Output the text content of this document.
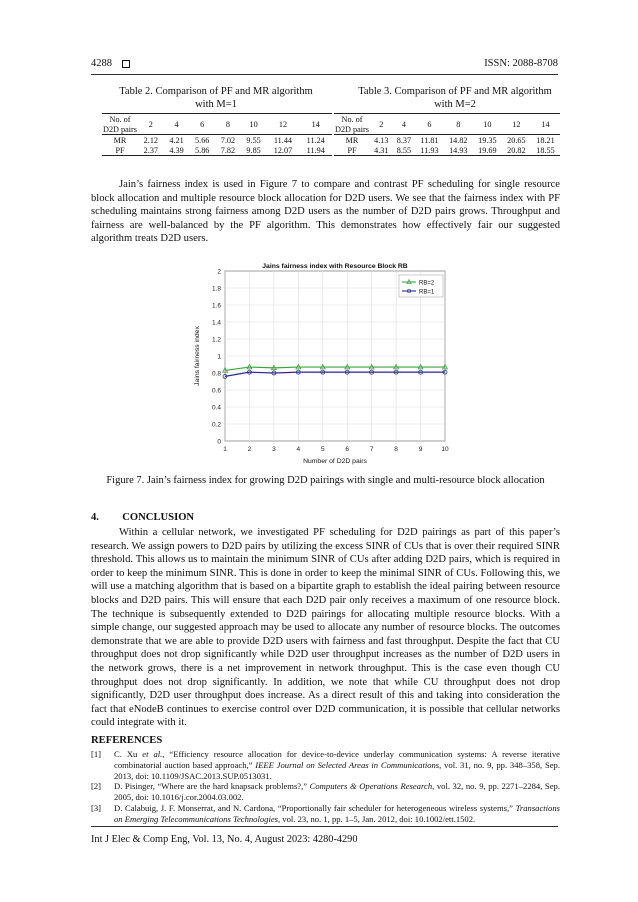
4288	ISSN: 2088-8708
Table 2. Comparison of PF and MR algorithm
with M=1
No. of	2	4	6	8	10	12	14
D2D pairs							
MR	2.12	4.21	5.66	7.02	9.55	11.44	11.24
PF	2.37	4.39	5.86	7.82	9.85	12.07	11.94
Table 3. Comparison of PF and MR algorithm
with M=2
No. of	2	4	6	8	10	12	14
D2D pairs							
MR	4.13	8.37	11.81	14.82	19.35	20.65	18.21
PF	4.31	8.55	11.93	14.93	19.69	20.82	18.55
Jain’s fairness index is used in Figure 7 to compare and contrast PF scheduling for single resource block allocation and multiple resource block allocation for D2D users. We see that the fairness index with PF scheduling maintains strong fairness among D2D users as the number of D2D pairs grows. Throughput and fairness are well-balanced by the PF algorithm. This demonstrates how effectively fair our suggested algorithm treats D2D users.
0
0.2
0.4
0.6
0.8
1
1.2
1.4
1.6
1.8
2
1	2	3	4	5	6	7	8	9	10
Jains fairness index with Resource Block RB
Number of D2D pairs
Jains fairness index
RB=2
RB=1
Figure 7. Jain’s fairness index for growing D2D pairings with single and multi-resource block allocation
4. CONCLUSION
Within a cellular network, we investigated PF scheduling for D2D pairings as part of this paper’s research. We assign powers to D2D pairs by utilizing the excess SINR of CUs that is over their required SINR threshold. This allows us to maintain the minimum SINR of CUs after adding D2D pairs, which is required in order to keep the minimum SINR. This is done in order to keep the minimal SINR of CUs. Following this, we will use a matching algorithm that is based on a bipartite graph to establish the ideal pairing between resource blocks and D2D pairs. This will ensure that each D2D pair only receives a maximum of one resource block. The technique is subsequently extended to D2D pairings for allocating multiple resource blocks. With a simple change, our suggested approach may be used to allocate any number of resource blocks. The outcomes demonstrate that we are able to provide D2D users with fairness and fast throughput. Despite the fact that CU throughput does not drop significantly while D2D user throughput increases as the number of D2D users in the network grows, there is a net improvement in network throughput. This is the case even though CU throughput does not drop significantly. In addition, we note that while CU throughput does not drop significantly, D2D user throughput does increase. As a direct result of this and taking into consideration the fact that eNodeB continues to exercise control over D2D communication, it is possible that cellular networks could integrate with it.
REFERENCES
[1]	C. Xu et al., “Efficiency resource allocation for device-to-device underlay communication systems: A reverse iterative combinatorial auction based approach,” IEEE Journal on Selected Areas in Communications, vol. 31, no. 9, pp. 348–358, Sep. 2013, doi: 10.1109/JSAC.2013.SUP.0513031.
[2]	D. Pisinger, “Where are the hard knapsack problems?,” Computers & Operations Research, vol. 32, no. 9, pp. 2271–2284, Sep. 2005, doi: 10.1016/j.cor.2004.03.002.
[3]	D. Calabuig, J. F. Monserrat, and N. Cardona, “Proportionally fair scheduler for heterogeneous wireless systems,” Transactions on Emerging Telecommunications Technologies, vol. 23, no. 1, pp. 1–5, Jan. 2012, doi: 10.1002/ett.1502.
Int J Elec & Comp Eng, Vol. 13, No. 4, August 2023: 4280-4290
